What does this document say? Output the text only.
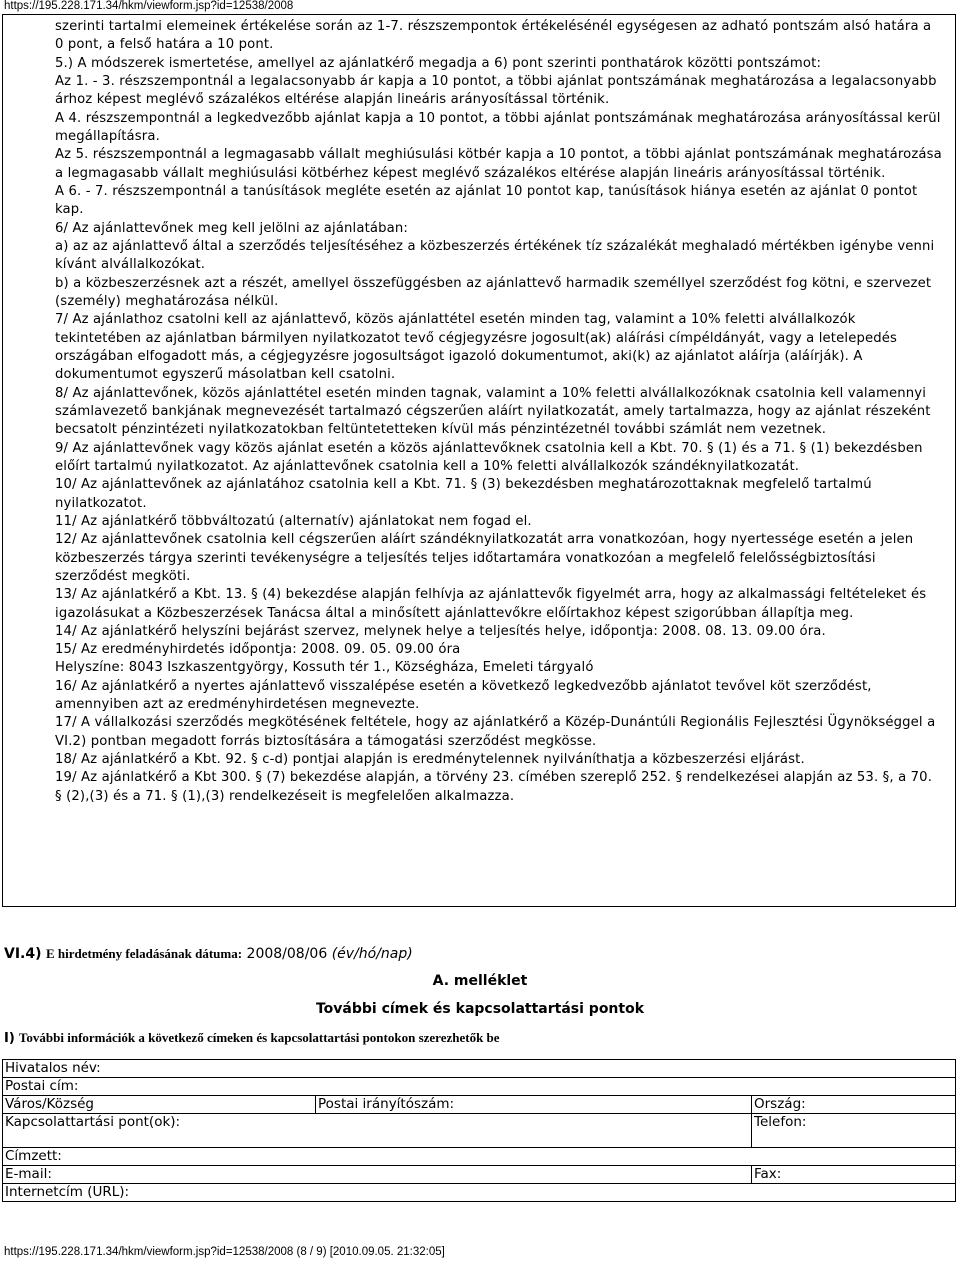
https://195.228.171.34/hkm/viewform.jsp?id=12538/2008

szerinti tartalmi elemeinek értékelése során az 1-7. részszempontok értékelésénél egységesen az adható pontszám alsó határa a 0 pont, a felső határa a 10 pont.

5.) A módszerek ismertetése, amellyel az ajánlatkérő megadja a 6) pont szerinti ponthatárok közötti pontszámot:

Az 1. - 3. részszempontnál a legalacsonyabb ár kapja a 10 pontot, a többi ajánlat pontszámának meghatározása a legalacsonyabb árhoz képest meglévő százalékos eltérése alapján lineáris arányosítással történik.

A 4. részszempontnál a legkedvezőbb ajánlat kapja a 10 pontot, a többi ajánlat pontszámának meghatározása arányosítással kerül megállapításra.

Az 5. részszempontnál a legmagasabb vállalt meghiúsulási kötbér kapja a 10 pontot, a többi ajánlat pontszámának meghatározása a legmagasabb vállalt meghiúsulási kötbérhez képest meglévő százalékos eltérése alapján lineáris arányosítással történik.

A 6. - 7. részszempontnál a tanúsítások megléte esetén az ajánlat 10 pontot kap, tanúsítások hiánya esetén az ajánlat 0 pontot kap.

6/ Az ajánlattevőnek meg kell jelölni az ajánlatában:

a) az az ajánlattevő által a szerződés teljesítéséhez a közbeszerzés értékének tíz százalékát meghaladó mértékben igénybe venni kívánt alvállalkozókat.

b) a közbeszerzésnek azt a részét, amellyel összefüggésben az ajánlattevő harmadik személlyel szerződést fog kötni, e szervezet (személy) meghatározása nélkül.

7/ Az ajánlathoz csatolni kell az ajánlattevő, közös ajánlattétel esetén minden tag, valamint a 10% feletti alvállalkozók tekintetében az ajánlatban bármilyen nyilatkozatot tevő cégjegyzésre jogosult(ak) aláírási címpéldányát, vagy a letelepedés országában elfogadott más, a cégjegyzésre jogosultságot igazoló dokumentumot, aki(k) az ajánlatot aláírja (aláírják). A dokumentumot egyszerű másolatban kell csatolni.

8/ Az ajánlattevőnek, közös ajánlattétel esetén minden tagnak, valamint a 10% feletti alvállalkozóknak csatolnia kell valamennyi számlavezető bankjának megnevezését tartalmazó cégszerűen aláírt nyilatkozatát, amely tartalmazza, hogy az ajánlat részeként becsatolt pénzintézeti nyilatkozatokban feltüntetetteken kívül más pénzintézetnél további számlát nem vezetnek.

9/ Az ajánlattevőnek vagy közös ajánlat esetén a közös ajánlattevőknek csatolnia kell a Kbt. 70. § (1) és a 71. § (1) bekezdésben előírt tartalmú nyilatkozatot. Az ajánlattevőnek csatolnia kell a 10% feletti alvállalkozók szándéknyilatkozatát.

10/ Az ajánlattevőnek az ajánlatához csatolnia kell a Kbt. 71. § (3) bekezdésben meghatározottaknak megfelelő tartalmú nyilatkozatot.

11/ Az ajánlatkérő többváltozatú (alternatív) ajánlatokat nem fogad el.

12/ Az ajánlattevőnek csatolnia kell cégszerűen aláírt szándéknyilatkozatát arra vonatkozóan, hogy nyertessége esetén a jelen közbeszerzés tárgya szerinti tevékenységre a teljesítés teljes időtartamára vonatkozóan a megfelelő felelősségbiztosítási szerződést megköti.

13/ Az ajánlatkérő a Kbt. 13. § (4) bekezdése alapján felhívja az ajánlattevők figyelmét arra, hogy az alkalmassági feltételeket és igazolásukat a Közbeszerzések Tanácsa által a minősített ajánlattevőkre előírtakhoz képest szigorúbban állapítja meg.

14/ Az ajánlatkérő helyszíni bejárást szervez, melynek helye a teljesítés helye, időpontja: 2008. 08. 13. 09.00 óra.

15/ Az eredményhirdetés időpontja: 2008. 09. 05. 09.00 óra

Helyszíne: 8043 Iszkaszentgyörgy, Kossuth tér 1., Községháza, Emeleti tárgyaló

16/ Az ajánlatkérő a nyertes ajánlattevő visszalépése esetén a következő legkedvezőbb ajánlatot tevővel köt szerződést, amennyiben azt az eredményhirdetésen megnevezte.

17/ A vállalkozási szerződés megkötésének feltétele, hogy az ajánlatkérő a Közép-Dunántúli Regionális Fejlesztési Ügynökséggel a VI.2) pontban megadott forrás biztosítására a támogatási szerződést megkösse.

18/ Az ajánlatkérő a Kbt. 92. § c-d) pontjai alapján is eredménytelennek nyilváníthatja a közbeszerzési eljárást.

19/ Az ajánlatkérő a Kbt 300. § (7) bekezdése alapján, a törvény 23. címében szereplő 252. § rendelkezései alapján az 53. §, a 70. § (2),(3) és a 71. § (1),(3) rendelkezéseit is megfelelően alkalmazza.

VI.4) E hirdetmény feladásának dátuma: 2008/08/06 (év/hó/nap)
A. melléklet
További címek és kapcsolattartási pontok
I) További információk a következő címeken és kapcsolattartási pontokon szerezhetők be
Hivatalos név:		
Postai cím:		
Város/Község	Postai irányítószám:	Ország:
Kapcsolattartási pont(ok):		Telefon:
Címzett:		
E-mail:		Fax:
Internetcím (URL):		
https://195.228.171.34/hkm/viewform.jsp?id=12538/2008 (8 / 9) [2010.09.05. 21:32:05]
